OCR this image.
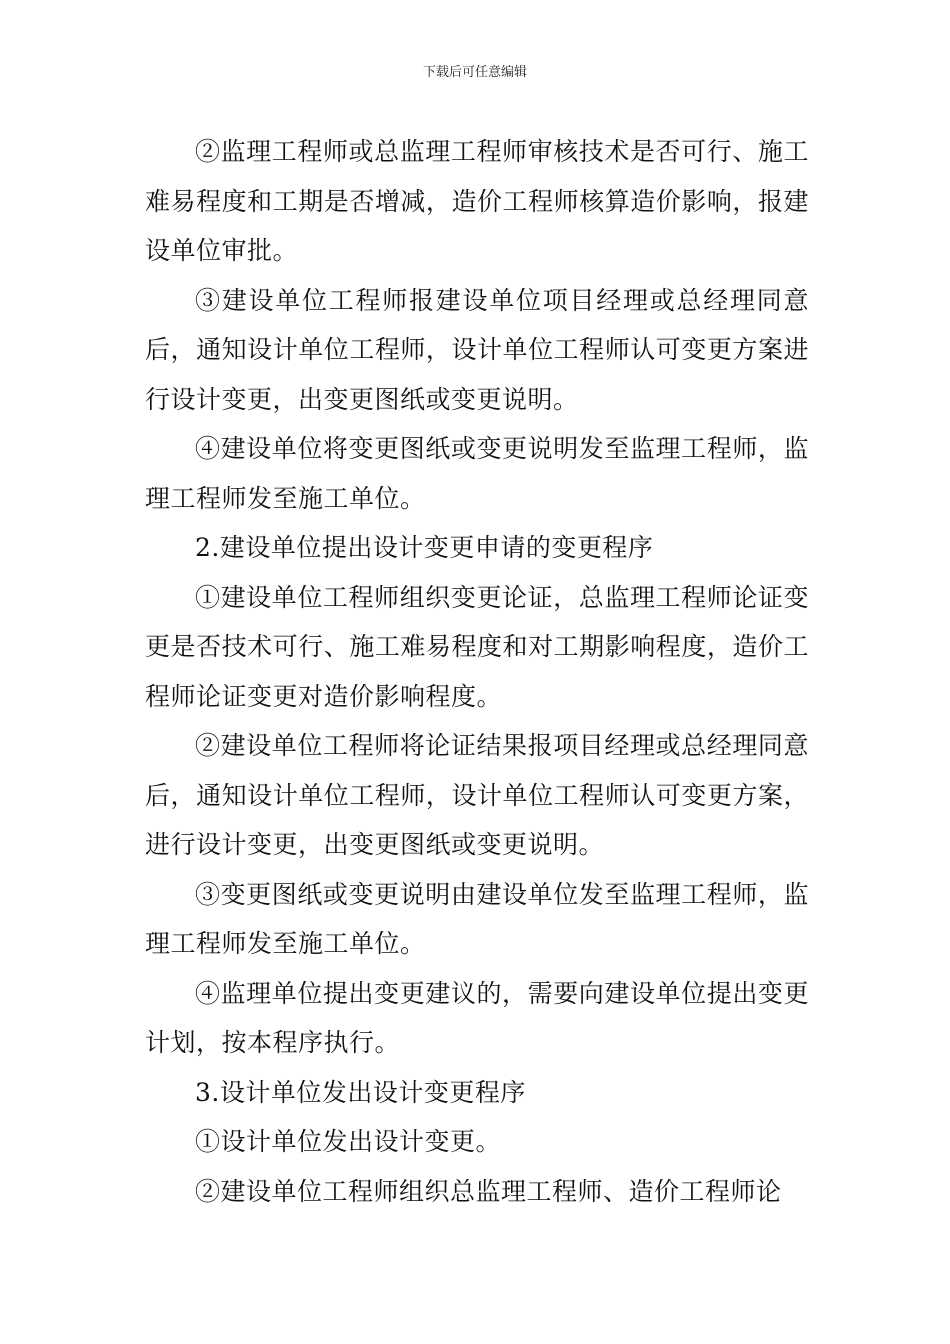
下载后可任意编辑

②监理工程师或总监理工程师审核技术是否可行、施工难易程度和工期是否增减，造价工程师核算造价影响，报建设单位审批。

③建设单位工程师报建设单位项目经理或总经理同意后，通知设计单位工程师，设计单位工程师认可变更方案进行设计变更，出变更图纸或变更说明。

④建设单位将变更图纸或变更说明发至监理工程师，监理工程师发至施工单位。

2.建设单位提出设计变更申请的变更程序

①建设单位工程师组织变更论证，总监理工程师论证变更是否技术可行、施工难易程度和对工期影响程度，造价工程师论证变更对造价影响程度。

②建设单位工程师将论证结果报项目经理或总经理同意后，通知设计单位工程师，设计单位工程师认可变更方案，进行设计变更，出变更图纸或变更说明。

③变更图纸或变更说明由建设单位发至监理工程师，监理工程师发至施工单位。

④监理单位提出变更建议的，需要向建设单位提出变更计划，按本程序执行。

3.设计单位发出设计变更程序

①设计单位发出设计变更。

②建设单位工程师组织总监理工程师、造价工程师论
